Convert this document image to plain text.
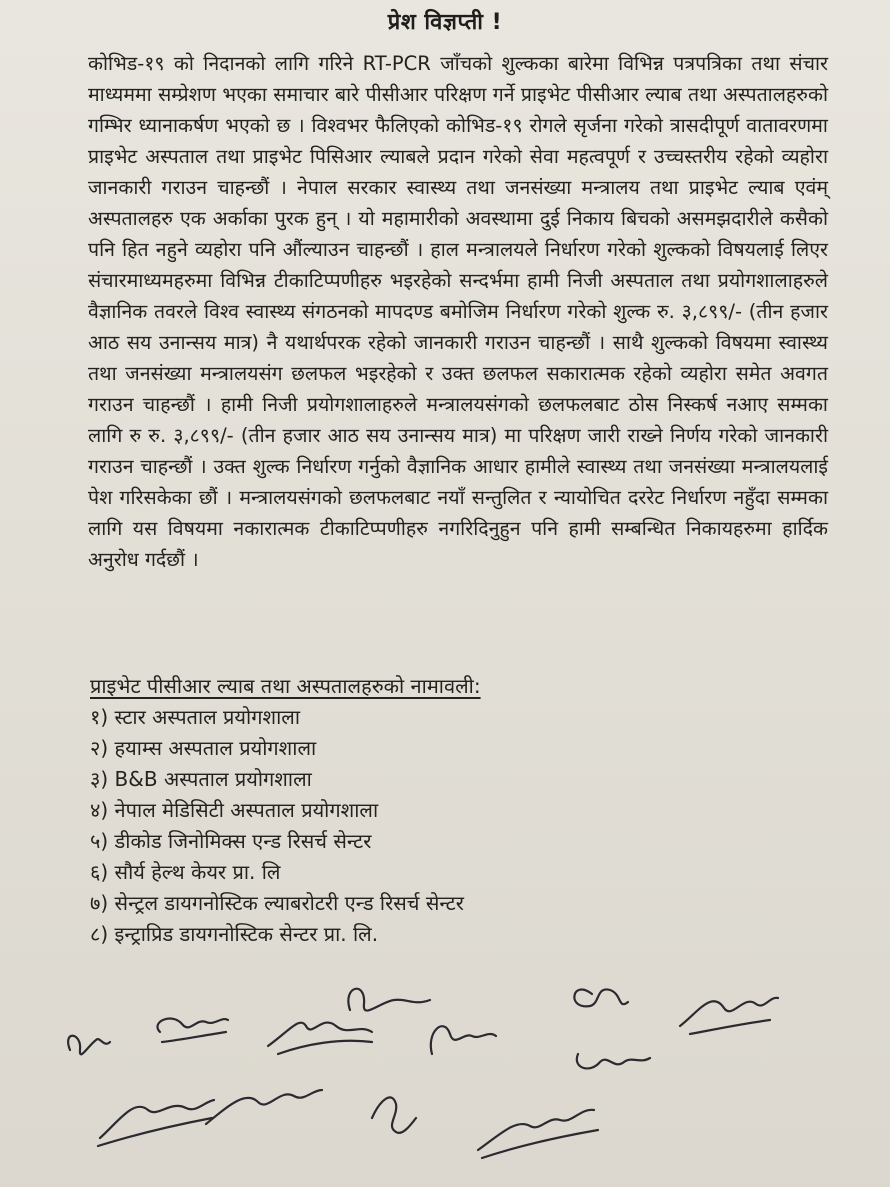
प्रेश विज्ञप्ती !
कोभिड-१९ को निदानको लागि गरिने RT-PCR जाँचको शुल्कका बारेमा विभिन्न पत्रपत्रिका तथा संचार माध्यममा सम्प्रेशण भएका समाचार बारे पीसीआर परिक्षण गर्ने प्राइभेट पीसीआर ल्याब तथा अस्पतालहरुको गम्भिर ध्यानाकर्षण भएको छ । विश्वभर फैलिएको कोभिड-१९ रोगले सृर्जना गरेको त्रासदीपूर्ण वातावरणमा प्राइभेट अस्पताल तथा प्राइभेट पिसिआर ल्याबले प्रदान गरेको सेवा महत्वपूर्ण र उच्चस्तरीय रहेको व्यहोरा जानकारी गराउन चाहन्छौं । नेपाल सरकार स्वास्थ्य तथा जनसंख्या मन्त्रालय तथा प्राइभेट ल्याब एवंम् अस्पतालहरु एक अर्काका पुरक हुन् । यो महामारीको अवस्थामा दुई निकाय बिचको असमझदारीले कसैको पनि हित नहुने व्यहोरा पनि औंल्याउन चाहन्छौं । हाल मन्त्रालयले निर्धारण गरेको शुल्कको विषयलाई लिएर संचारमाध्यमहरुमा विभिन्न टीकाटिप्पणीहरु भइरहेको सन्दर्भमा हामी निजी अस्पताल तथा प्रयोगशालाहरुले वैज्ञानिक तवरले विश्व स्वास्थ्य संगठनको मापदण्ड बमोजिम निर्धारण गरेको शुल्क रु. ३,८९९/- (तीन हजार आठ सय उनान्सय मात्र) नै यथार्थपरक रहेको जानकारी गराउन चाहन्छौं । साथै शुल्कको विषयमा स्वास्थ्य तथा जनसंख्या मन्त्रालयसंग छलफल भइरहेको र उक्त छलफल सकारात्मक रहेको व्यहोरा समेत अवगत गराउन चाहन्छौं । हामी निजी प्रयोगशालाहरुले मन्त्रालयसंगको छलफलबाट ठोस निस्कर्ष नआए सम्मका लागि रु रु. ३,८९९/- (तीन हजार आठ सय उनान्सय मात्र) मा परिक्षण जारी राख्ने निर्णय गरेको जानकारी गराउन चाहन्छौं । उक्त शुल्क निर्धारण गर्नुको वैज्ञानिक आधार हामीले स्वास्थ्य तथा जनसंख्या मन्त्रालयलाई पेश गरिसकेका छौं । मन्त्रालयसंगको छलफलबाट नयाँ सन्तुलित र न्यायोचित दररेट निर्धारण नहुँदा सम्मका लागि यस विषयमा नकारात्मक टीकाटिप्पणीहरु नगरिदिनुहुन पनि हामी सम्बन्धित निकायहरुमा हार्दिक अनुरोध गर्दछौं ।
प्राइभेट पीसीआर ल्याब तथा अस्पतालहरुको नामावली:
१) स्टार अस्पताल प्रयोगशाला
२) हयाम्स अस्पताल प्रयोगशाला
३) B&B अस्पताल प्रयोगशाला
४) नेपाल मेडिसिटी अस्पताल प्रयोगशाला
५) डीकोड जिनोमिक्स एन्ड रिसर्च सेन्टर
६) सौर्य हेल्थ केयर प्रा. लि
७) सेन्ट्रल डायगनोस्टिक ल्याबरोटरी एन्ड रिसर्च सेन्टर
८) इन्ट्राप्रिड डायगनोस्टिक सेन्टर प्रा. लि.
